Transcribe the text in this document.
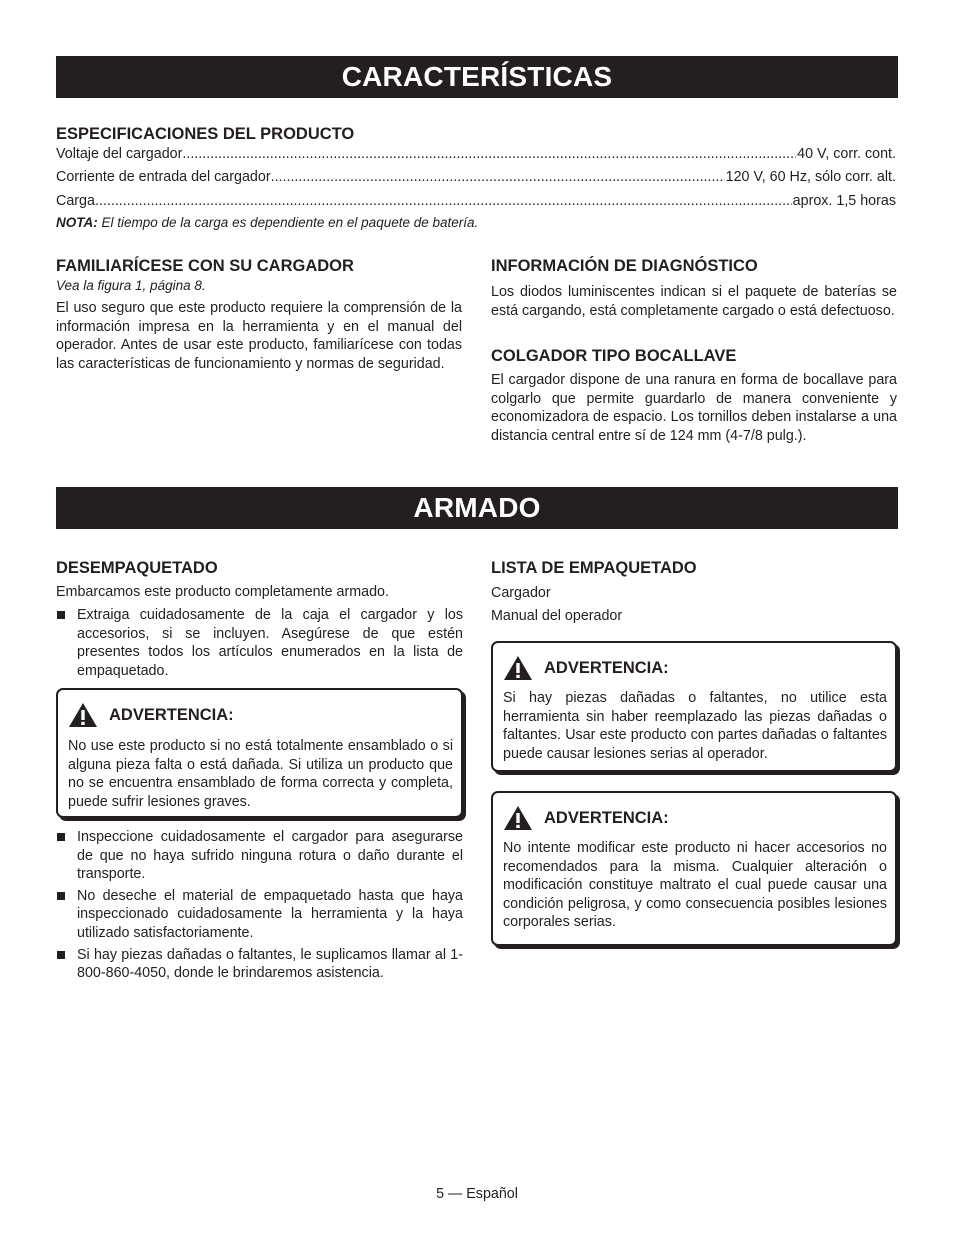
CARACTERÍSTICAS
ESPECIFICACIONES DEL PRODUCTO
Voltaje del cargador .....	40 V, corr. cont.
Corriente de entrada del cargador .....	120 V, 60 Hz, sólo corr. alt.
Carga .....	aprox. 1,5 horas
NOTA: El tiempo de la carga es dependiente en el paquete de batería.
FAMILIARÍCESE CON SU CARGADOR
Vea la figura 1, página 8.
El uso seguro que este producto requiere la comprensión de la información impresa en la herramienta y en el manual del operador. Antes de usar este producto, familiarícese con todas las características de funcionamiento y normas de seguridad.
INFORMACIÓN DE DIAGNÓSTICO
Los diodos luminiscentes indican si el paquete de baterías se está cargando, está completamente cargado o está defectuoso.
COLGADOR TIPO BOCALLAVE
El cargador dispone de una ranura en forma de bocallave para colgarlo que permite guardarlo de manera conveniente y economizadora de espacio. Los tornillos deben instalarse a una distancia central entre sí de 124 mm (4-7/8 pulg.).
ARMADO
DESEMPAQUETADO
Embarcamos este producto completamente armado.
Extraiga cuidadosamente de la caja el cargador y los accesorios, si se incluyen. Asegúrese de que estén presentes todos los artículos enumerados en la lista de empaquetado.
ADVERTENCIA:
No use este producto si no está totalmente ensamblado o si alguna pieza falta o está dañada. Si utiliza un producto que no se encuentra ensamblado de forma correcta y completa, puede sufrir lesiones graves.
Inspeccione cuidadosamente el cargador para asegurarse de que no haya sufrido ninguna rotura o daño durante el transporte.
No deseche el material de empaquetado hasta que haya inspeccionado cuidadosamente la herramienta y la haya utilizado satisfactoriamente.
Si hay piezas dañadas o faltantes, le suplicamos llamar al 1-800-860-4050, donde le brindaremos asistencia.
LISTA DE EMPAQUETADO
Cargador
Manual del operador
ADVERTENCIA:
Si hay piezas dañadas o faltantes, no utilice esta herramienta sin haber reemplazado las piezas dañadas o faltantes. Usar este producto con partes dañadas o faltantes puede causar lesiones serias al operador.
ADVERTENCIA:
No intente modificar este producto ni hacer accesorios no recomendados para la misma. Cualquier alteración o modificación constituye maltrato el cual puede causar una condición peligrosa, y como consecuencia posibles lesiones corporales serias.
5 — Español
